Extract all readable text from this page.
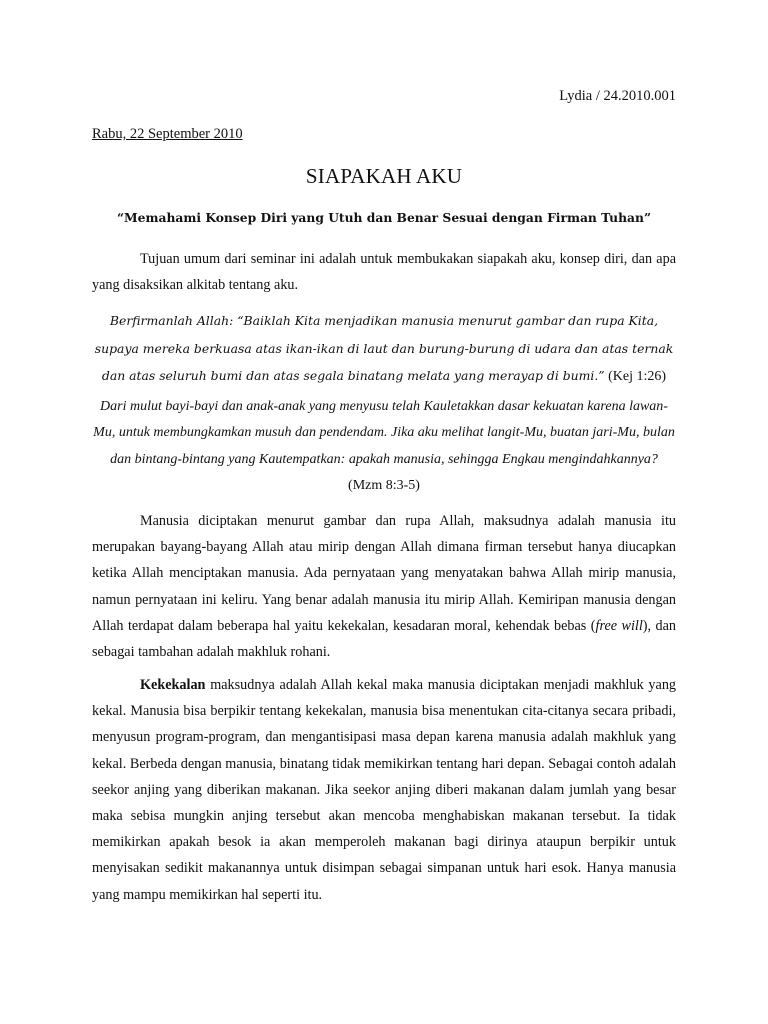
Lydia / 24.2010.001
Rabu, 22 September 2010
SIAPAKAH AKU
“Memahami Konsep Diri yang Utuh dan Benar Sesuai dengan Firman Tuhan”

Tujuan umum dari seminar ini adalah untuk membukakan siapakah aku, konsep diri, dan apa yang disaksikan alkitab tentang aku.

Berfirmanlah Allah: “Baiklah Kita menjadikan manusia menurut gambar dan rupa Kita, supaya mereka berkuasa atas ikan-ikan di laut dan burung-burung di udara dan atas ternak dan atas seluruh bumi dan atas segala binatang melata yang merayap di bumi.” (Kej 1:26)

Dari mulut bayi-bayi dan anak-anak yang menyusu telah Kauletakkan dasar kekuatan karena lawan-Mu, untuk membungkamkan musuh dan pendendam. Jika aku melihat langit-Mu, buatan jari-Mu, bulan dan bintang-bintang yang Kautempatkan: apakah manusia, sehingga Engkau mengindahkannya? (Mzm 8:3-5)

Manusia diciptakan menurut gambar dan rupa Allah, maksudnya adalah manusia itu merupakan bayang-bayang Allah atau mirip dengan Allah dimana firman tersebut hanya diucapkan ketika Allah menciptakan manusia. Ada pernyataan yang menyatakan bahwa Allah mirip manusia, namun pernyataan ini keliru. Yang benar adalah manusia itu mirip Allah. Kemiripan manusia dengan Allah terdapat dalam beberapa hal yaitu kekekalan, kesadaran moral, kehendak bebas (free will), dan sebagai tambahan adalah makhluk rohani.

Kekekalan maksudnya adalah Allah kekal maka manusia diciptakan menjadi makhluk yang kekal. Manusia bisa berpikir tentang kekekalan, manusia bisa menentukan cita-citanya secara pribadi, menyusun program-program, dan mengantisipasi masa depan karena manusia adalah makhluk yang kekal. Berbeda dengan manusia, binatang tidak memikirkan tentang hari depan. Sebagai contoh adalah seekor anjing yang diberikan makanan. Jika seekor anjing diberi makanan dalam jumlah yang besar maka sebisa mungkin anjing tersebut akan mencoba menghabiskan makanan tersebut. Ia tidak memikirkan apakah besok ia akan memperoleh makanan bagi dirinya ataupun berpikir untuk menyisakan sedikit makanannya untuk disimpan sebagai simpanan untuk hari esok. Hanya manusia yang mampu memikirkan hal seperti itu.
